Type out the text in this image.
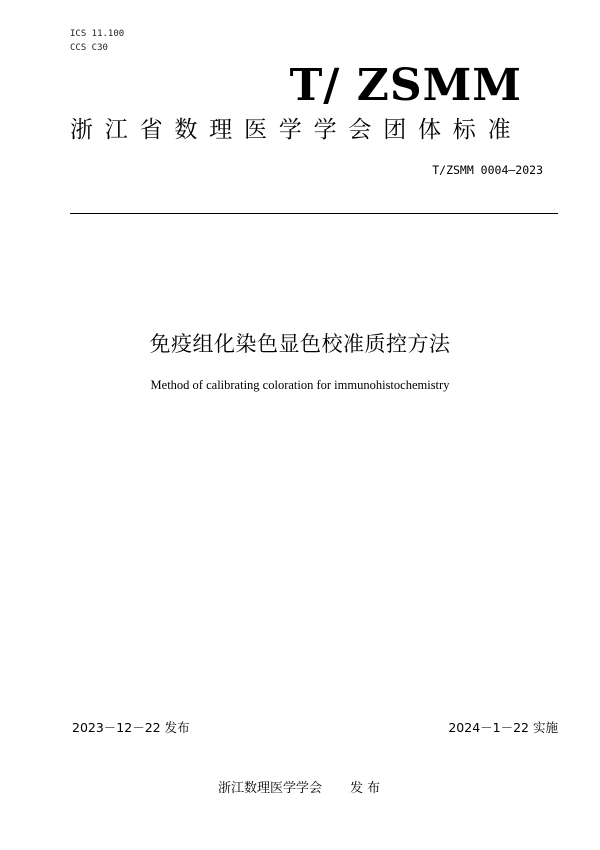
ICS 11.100
CCS C30
T/ ZSMM
浙江省数理医学学会团体标准
T/ZSMM 0004—2023
免疫组化染色显色校准质控方法
Method of calibrating coloration for immunohistochemistry
2023－12－22 发布	2024－1－22 实施
浙江数理医学学会 发 布
